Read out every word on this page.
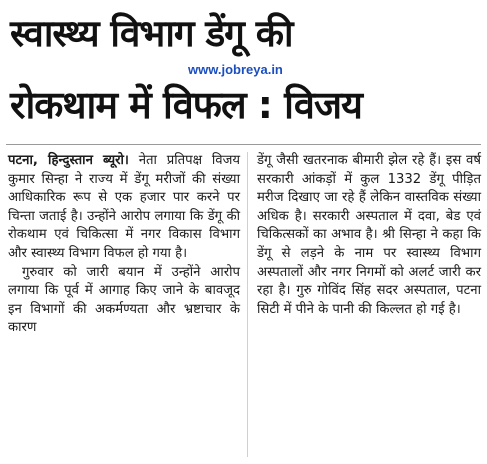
स्वास्थ्य विभाग डेंगू की
www.jobreya.in
रोकथाम में विफल : विजय

पटना, हिन्दुस्तान ब्यूरो। नेता प्रतिपक्ष विजय कुमार सिन्हा ने राज्य में डेंगू मरीजों की संख्या आधिकारिक रूप से एक हजार पार करने पर चिन्ता जताई है। उन्होंने आरोप लगाया कि डेंगू की रोकथाम एवं चिकित्सा में नगर विकास विभाग और स्वास्थ्य विभाग विफल हो गया है।

गुरुवार को जारी बयान में उन्होंने आरोप लगाया कि पूर्व में आगाह किए जाने के बावजूद इन विभागों की अकर्मण्यता और भ्रष्टाचार के कारण

डेंगू जैसी खतरनाक बीमारी झेल रहे हैं। इस वर्ष सरकारी आंकड़ों में कुल 1332 डेंगू पीड़ित मरीज दिखाए जा रहे हैं लेकिन वास्तविक संख्या अधिक है। सरकारी अस्पताल में दवा, बेड एवं चिकित्सकों का अभाव है। श्री सिन्हा ने कहा कि डेंगू से लड़ने के नाम पर स्वास्थ्य विभाग अस्पतालों और नगर निगमों को अलर्ट जारी कर रहा है। गुरु गोविंद सिंह सदर अस्पताल, पटना सिटी में पीने के पानी की किल्लत हो गई है।
